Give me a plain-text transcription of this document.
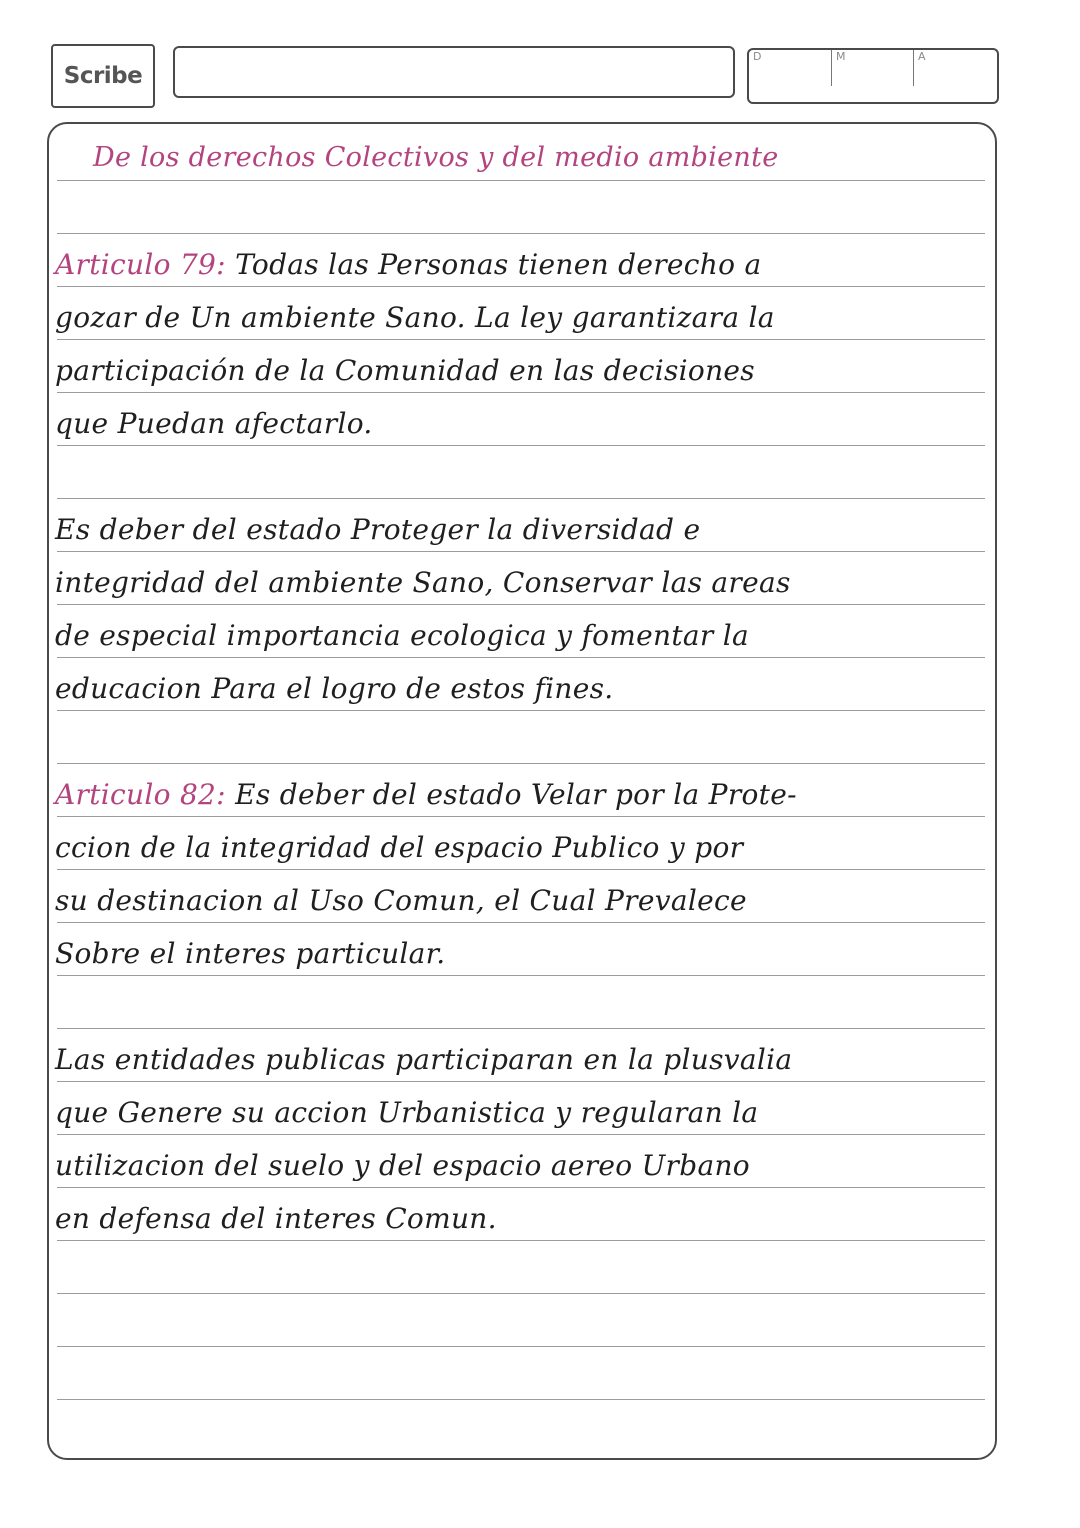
Scribe
D	M	A

De los derechos Colectivos y del medio ambiente

Articulo 79: Todas las Personas tienen derecho a

gozar de Un ambiente Sano. La ley garantizara la

participación de la Comunidad en las decisiones

que Puedan afectarlo.

Es deber del estado Proteger la diversidad e

integridad del ambiente Sano, Conservar las areas

de especial importancia ecologica y fomentar la

educacion Para el logro de estos fines.

Articulo 82: Es deber del estado Velar por la Prote-

ccion de la integridad del espacio Publico y por

su destinacion al Uso Comun, el Cual Prevalece

Sobre el interes particular.

Las entidades publicas participaran en la plusvalia

que Genere su accion Urbanistica y regularan la

utilizacion del suelo y del espacio aereo Urbano

en defensa del interes Comun.
